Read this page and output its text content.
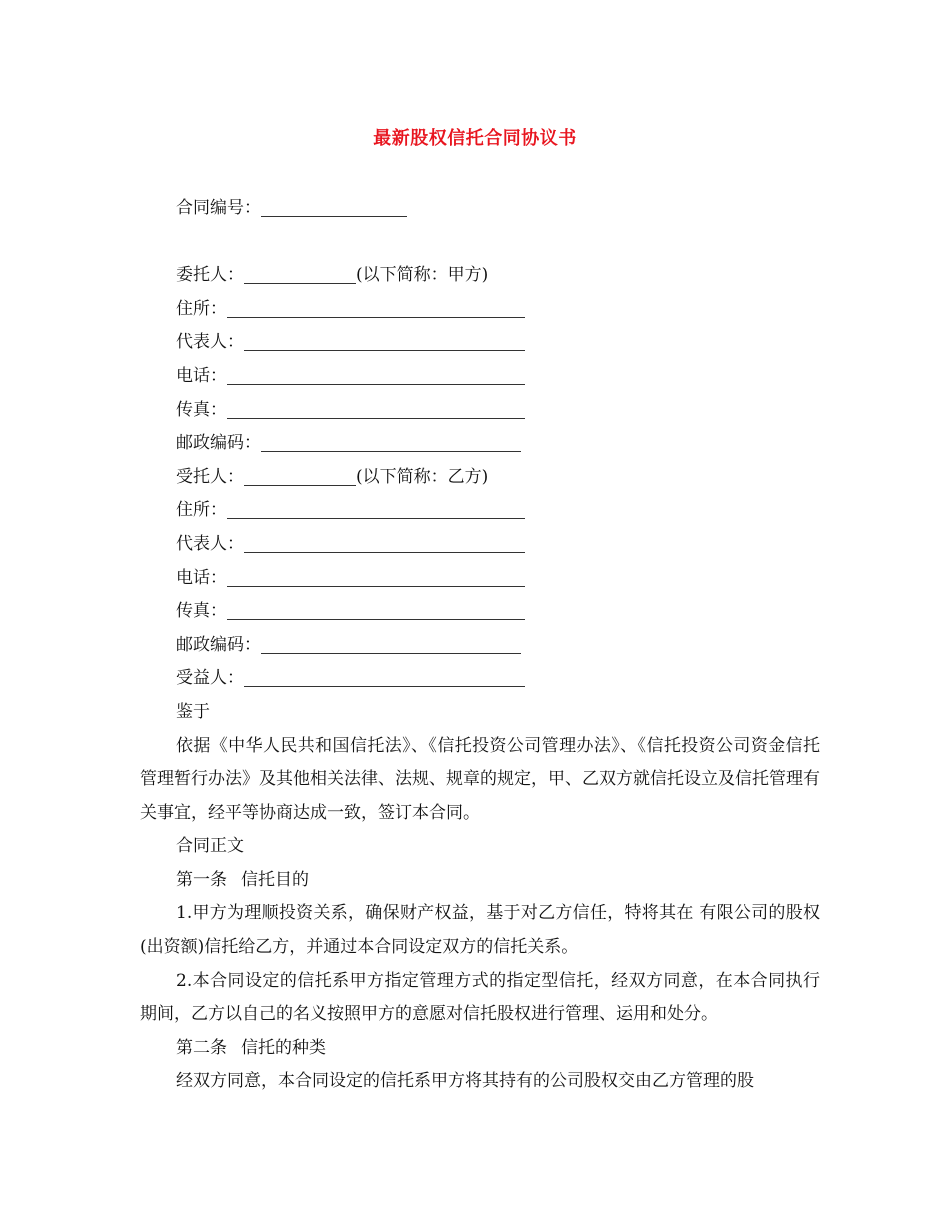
最新股权信托合同协议书
合同编号：
委托人：	(以下简称：甲方)
住所：
代表人：
电话：
传真：
邮政编码：
受托人：	(以下简称：乙方)
住所：
代表人：
电话：
传真：
邮政编码：
受益人：
鉴于
依据《中华人民共和国信托法》、《信托投资公司管理办法》、《信托投资公司资金信托管理暂行办法》及其他相关法律、法规、规章的规定，甲、乙双方就信托设立及信托管理有关事宜，经平等协商达成一致，签订本合同。
合同正文
第一条 信托目的
1.甲方为理顺投资关系，确保财产权益，基于对乙方信任，特将其在 有限公司的股权(出资额)信托给乙方，并通过本合同设定双方的信托关系。
2.本合同设定的信托系甲方指定管理方式的指定型信托，经双方同意，在本合同执行期间，乙方以自己的名义按照甲方的意愿对信托股权进行管理、运用和处分。
第二条 信托的种类
经双方同意，本合同设定的信托系甲方将其持有的公司股权交由乙方管理的股
